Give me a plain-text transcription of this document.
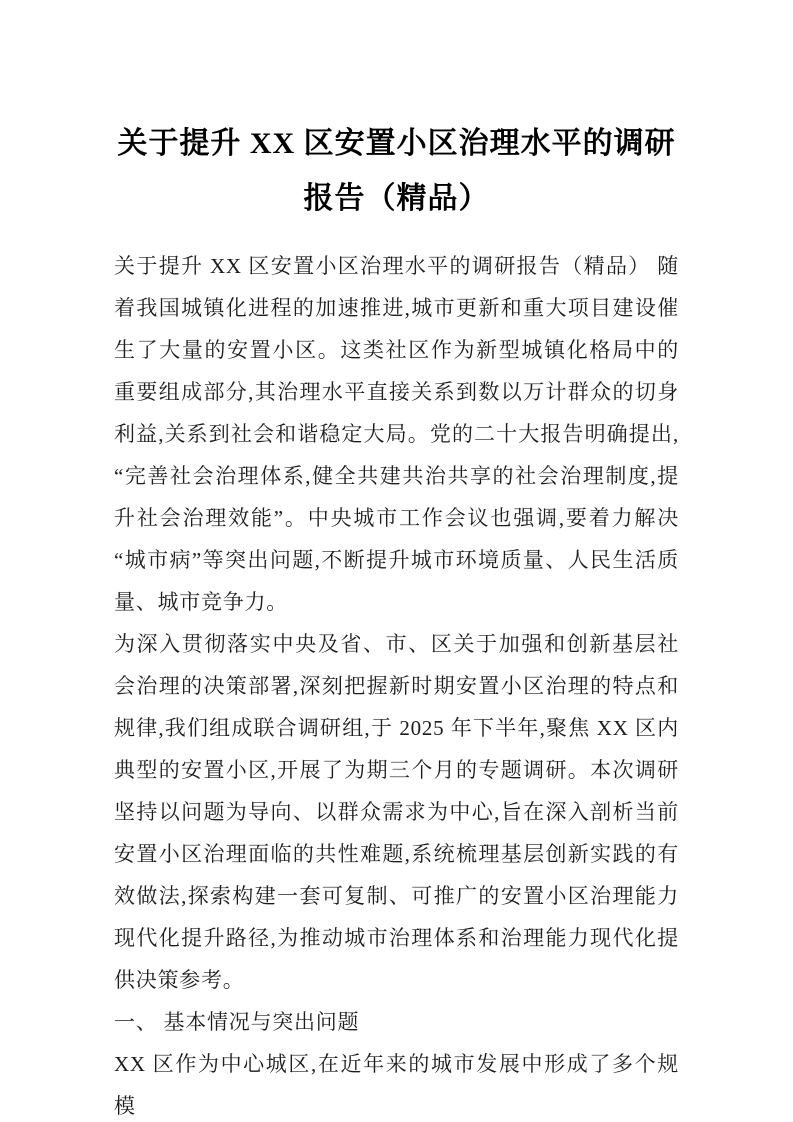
关于提升 XX 区安置小区治理水平的调研报告（精品）

关于提升 XX 区安置小区治理水平的调研报告（精品） 随着我国城镇化进程的加速推进,城市更新和重大项目建设催生了大量的安置小区。这类社区作为新型城镇化格局中的重要组成部分,其治理水平直接关系到数以万计群众的切身利益,关系到社会和谐稳定大局。党的二十大报告明确提出,“完善社会治理体系,健全共建共治共享的社会治理制度,提升社会治理效能”。中央城市工作会议也强调,要着力解决“城市病”等突出问题,不断提升城市环境质量、人民生活质量、城市竞争力。

为深入贯彻落实中央及省、市、区关于加强和创新基层社会治理的决策部署,深刻把握新时期安置小区治理的特点和规律,我们组成联合调研组,于 2025 年下半年,聚焦 XX 区内典型的安置小区,开展了为期三个月的专题调研。本次调研坚持以问题为导向、以群众需求为中心,旨在深入剖析当前安置小区治理面临的共性难题,系统梳理基层创新实践的有效做法,探索构建一套可复制、可推广的安置小区治理能力现代化提升路径,为推动城市治理体系和治理能力现代化提供决策参考。

一、 基本情况与突出问题

XX 区作为中心城区,在近年来的城市发展中形成了多个规模
